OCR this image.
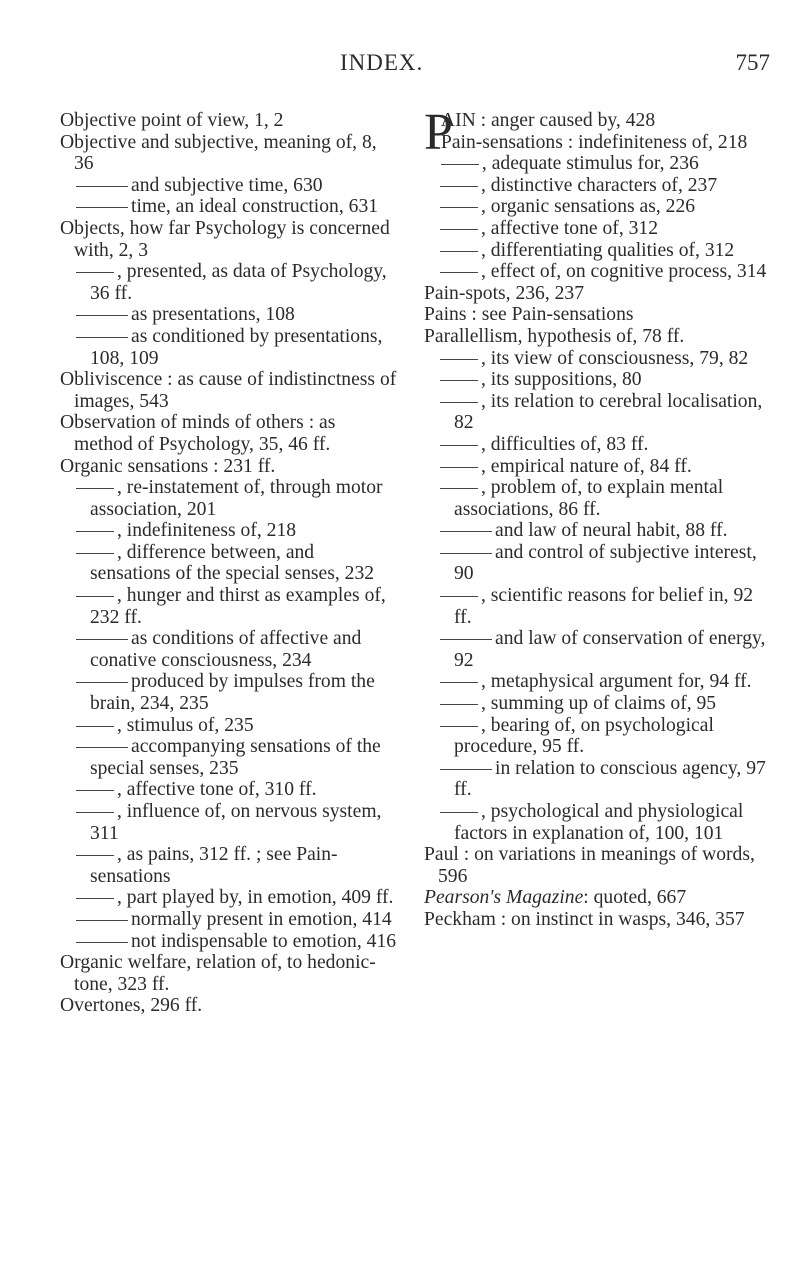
INDEX.	757

Objective point of view, 1, 2

Objective and subjective, meaning of, 8, 36

and subjective time, 630

time, an ideal construction, 631

Objects, how far Psychology is concerned with, 2, 3

, presented, as data of Psychology, 36 ff.

as presentations, 108

as conditioned by presentations, 108, 109

Obliviscence : as cause of indistinctness of images, 543

Observation of minds of others : as method of Psychology, 35, 46 ff.

Organic sensations : 231 ff.

, re-instatement of, through motor association, 201

, indefiniteness of, 218

, difference between, and sensations of the special senses, 232

, hunger and thirst as examples of, 232 ff.

as conditions of affective and conative consciousness, 234

produced by impulses from the brain, 234, 235

, stimulus of, 235

accompanying sensations of the special senses, 235

, affective tone of, 310 ff.

, influence of, on nervous system, 311

, as pains, 312 ff. ; see Pain-sensations

, part played by, in emotion, 409 ff.

normally present in emotion, 414

not indispensable to emotion, 416

Organic welfare, relation of, to hedonic-tone, 323 ff.

Overtones, 296 ff.

P
AIN : anger caused by, 428

Pain-sensations : indefiniteness of, 218

, adequate stimulus for, 236

, distinctive characters of, 237

, organic sensations as, 226

, affective tone of, 312

, differentiating qualities of, 312

, effect of, on cognitive process, 314

Pain-spots, 236, 237

Pains : see Pain-sensations

Parallellism, hypothesis of, 78 ff.

, its view of consciousness, 79, 82

, its suppositions, 80

, its relation to cerebral localisation, 82

, difficulties of, 83 ff.

, empirical nature of, 84 ff.

, problem of, to explain mental associations, 86 ff.

and law of neural habit, 88 ff.

and control of subjective interest, 90

, scientific reasons for belief in, 92 ff.

and law of conservation of energy, 92

, metaphysical argument for, 94 ff.

, summing up of claims of, 95

, bearing of, on psychological procedure, 95 ff.

in relation to conscious agency, 97 ff.

, psychological and physiological factors in explanation of, 100, 101

Paul : on variations in meanings of words, 596

Pearson's Magazine: quoted, 667

Peckham : on instinct in wasps, 346, 357
